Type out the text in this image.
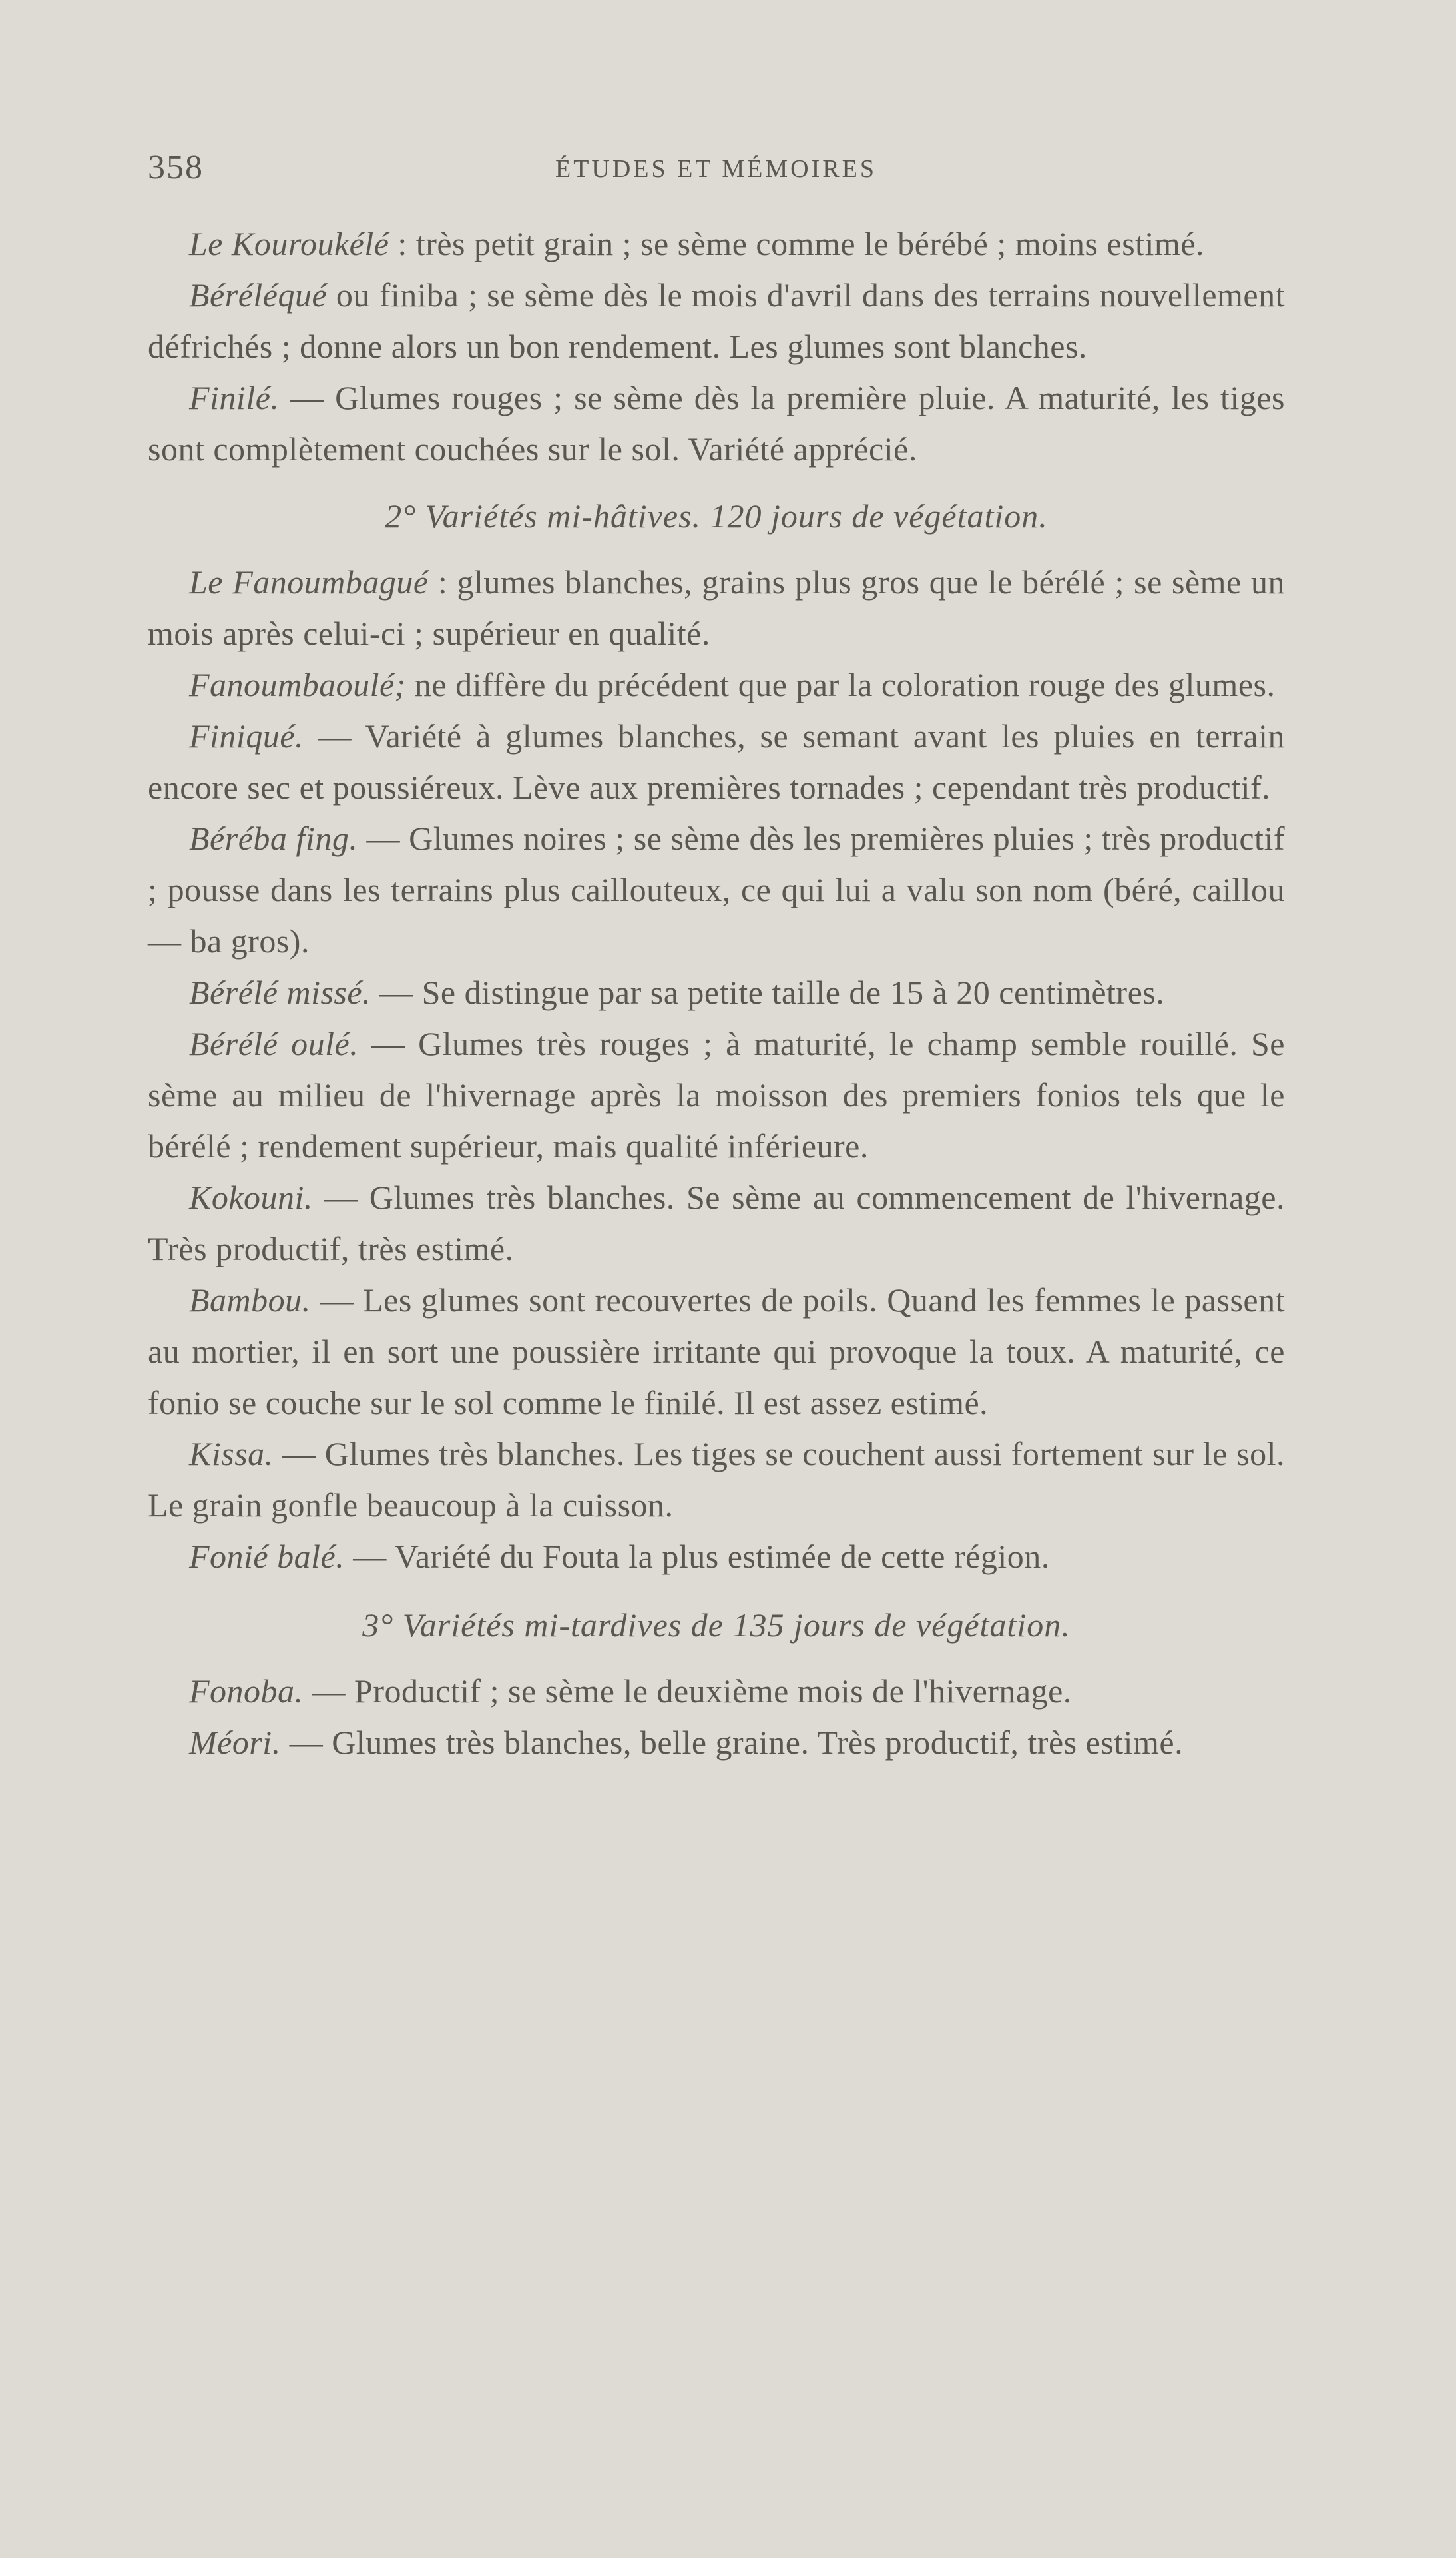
358	ÉTUDES ET MÉMOIRES

Le Kouroukélé : très petit grain ; se sème comme le bérébé ; moins estimé.

Béréléqué ou finiba ; se sème dès le mois d'avril dans des terrains nouvellement défrichés ; donne alors un bon rendement. Les glumes sont blanches.

Finilé. — Glumes rouges ; se sème dès la première pluie. A maturité, les tiges sont complètement couchées sur le sol. Variété apprécié.

2° Variétés mi-hâtives. 120 jours de végétation.

Le Fanoumbagué : glumes blanches, grains plus gros que le bérélé ; se sème un mois après celui-ci ; supérieur en qualité.

Fanoumbaoulé; ne diffère du précédent que par la coloration rouge des glumes.

Finiqué. — Variété à glumes blanches, se semant avant les pluies en terrain encore sec et poussiéreux. Lève aux premières tornades ; cependant très productif.

Béréba fing. — Glumes noires ; se sème dès les premières pluies ; très productif ; pousse dans les terrains plus caillouteux, ce qui lui a valu son nom (béré, caillou — ba gros).

Bérélé missé. — Se distingue par sa petite taille de 15 à 20 centimètres.

Bérélé oulé. — Glumes très rouges ; à maturité, le champ semble rouillé. Se sème au milieu de l'hivernage après la moisson des premiers fonios tels que le bérélé ; rendement supérieur, mais qualité inférieure.

Kokouni. — Glumes très blanches. Se sème au commencement de l'hivernage. Très productif, très estimé.

Bambou. — Les glumes sont recouvertes de poils. Quand les femmes le passent au mortier, il en sort une poussière irritante qui provoque la toux. A maturité, ce fonio se couche sur le sol comme le finilé. Il est assez estimé.

Kissa. — Glumes très blanches. Les tiges se couchent aussi fortement sur le sol. Le grain gonfle beaucoup à la cuisson.

Fonié balé. — Variété du Fouta la plus estimée de cette région.

3° Variétés mi-tardives de 135 jours de végétation.

Fonoba. — Productif ; se sème le deuxième mois de l'hivernage.

Méori. — Glumes très blanches, belle graine. Très productif, très estimé.
